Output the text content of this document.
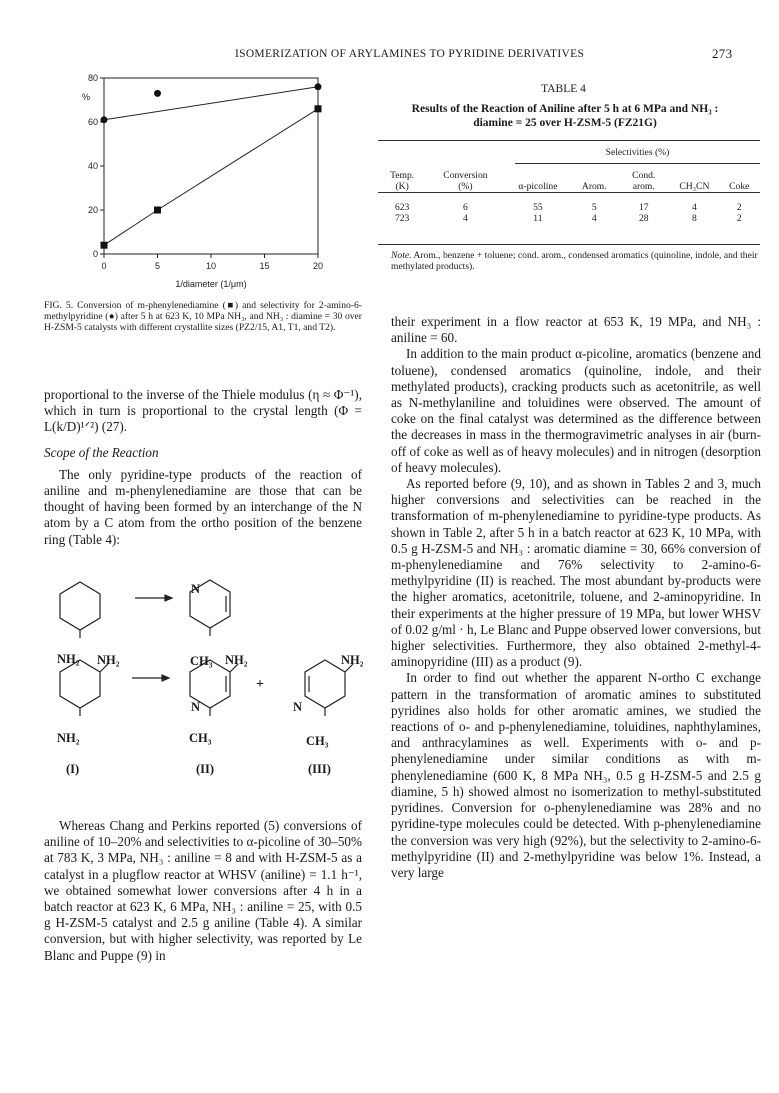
ISOMERIZATION OF ARYLAMINES TO PYRIDINE DERIVATIVES	273
0
20
40
60
80
0	5	10	15	20
%
1/diameter (1/μm)
FIG. 5. Conversion of m-phenylenediamine (■) and selectivity for 2-amino-6-methylpyridine (●) after 5 h at 623 K, 10 MPa NH₃, and NH₃ : diamine = 30 over H-ZSM-5 catalysts with different crystallite sizes (PZ2/15, A1, T1, and T2).
TABLE 4
Results of the Reaction of Aniline after 5 h at 6 MPa and NH₃ : diamine = 25 over H-ZSM-5 (FZ21G)
Selectivities (%)
Temp.	Conversion			Cond.		
(K)	(%)	α-picoline	Arom.	arom.	CH₃CN	Coke

623	6	55	5	17	4	2
723	4	11	4	28	8	2
Note. Arom., benzene + toluene; cond. arom., condensed aromatics (quinoline, indole, and their methylated products).

proportional to the inverse of the Thiele modulus (η ≈ Φ⁻¹), which in turn is proportional to the crystal length (Φ = L(k/D)¹ᐟ²) (27).

Scope of the Reaction

The only pyridine-type products of the reaction of aniline and m-phenylenediamine are those that can be thought of having been formed by an interchange of the N atom by a C atom from the ortho position of the benzene ring (Table 4):

NH₂
N
CH₃
NH₂
NH₂
NH₂
N
CH₃
+
NH₂
N
CH₃
(I)	(II)	(III)

Whereas Chang and Perkins reported (5) conversions of aniline of 10–20% and selectivities to α-picoline of 30–50% at 783 K, 3 MPa, NH₃ : aniline = 8 and with H-ZSM-5 as a catalyst in a plugflow reactor at WHSV (aniline) = 1.1 h⁻¹, we obtained somewhat lower conversions after 4 h in a batch reactor at 623 K, 6 MPa, NH₃ : aniline = 25, with 0.5 g H-ZSM-5 catalyst and 2.5 g aniline (Table 4). A similar conversion, but with higher selectivity, was reported by Le Blanc and Puppe (9) in

their experiment in a flow reactor at 653 K, 19 MPa, and NH₃ : aniline = 60.

In addition to the main product α-picoline, aromatics (benzene and toluene), condensed aromatics (quinoline, indole, and their methylated products), cracking products such as acetonitrile, as well as N-methylaniline and toluidines were observed. The amount of coke on the final catalyst was determined as the difference between the decreases in mass in the thermogravimetric analyses in air (burn-off of coke as well as of heavy molecules) and in nitrogen (desorption of heavy molecules).

As reported before (9, 10), and as shown in Tables 2 and 3, much higher conversions and selectivities can be reached in the transformation of m-phenylenediamine to pyridine-type products. As shown in Table 2, after 5 h in a batch reactor at 623 K, 10 MPa, with 0.5 g H-ZSM-5 and NH₃ : aromatic diamine = 30, 66% conversion of m-phenylenediamine and 76% selectivity to 2-amino-6-methylpyridine (II) is reached. The most abundant by-products were the higher aromatics, acetonitrile, toluene, and 2-aminopyridine. In their experiments at the higher pressure of 19 MPa, but lower WHSV of 0.02 g/ml · h, Le Blanc and Puppe observed lower conversions, but higher selectivities. Furthermore, they also obtained 2-methyl-4-aminopyridine (III) as a product (9).

In order to find out whether the apparent N-ortho C exchange pattern in the transformation of aromatic amines to substituted pyridines also holds for other aromatic amines, we studied the reactions of o- and p-phenylenediamine, toluidines, naphthylamines, and anthracylamines as well. Experiments with o- and p-phenylenediamine under similar conditions as with m-phenylenediamine (600 K, 8 MPa NH₃, 0.5 g H-ZSM-5 and 2.5 g diamine, 5 h) showed almost no isomerization to methyl-substituted pyridines. Conversion for o-phenylenediamine was 28% and no pyridine-type molecules could be detected. With p-phenylenediamine the conversion was very high (92%), but the selectivity to 2-amino-6-methylpyridine (II) and 2-methylpyridine was below 1%. Instead, a very large
